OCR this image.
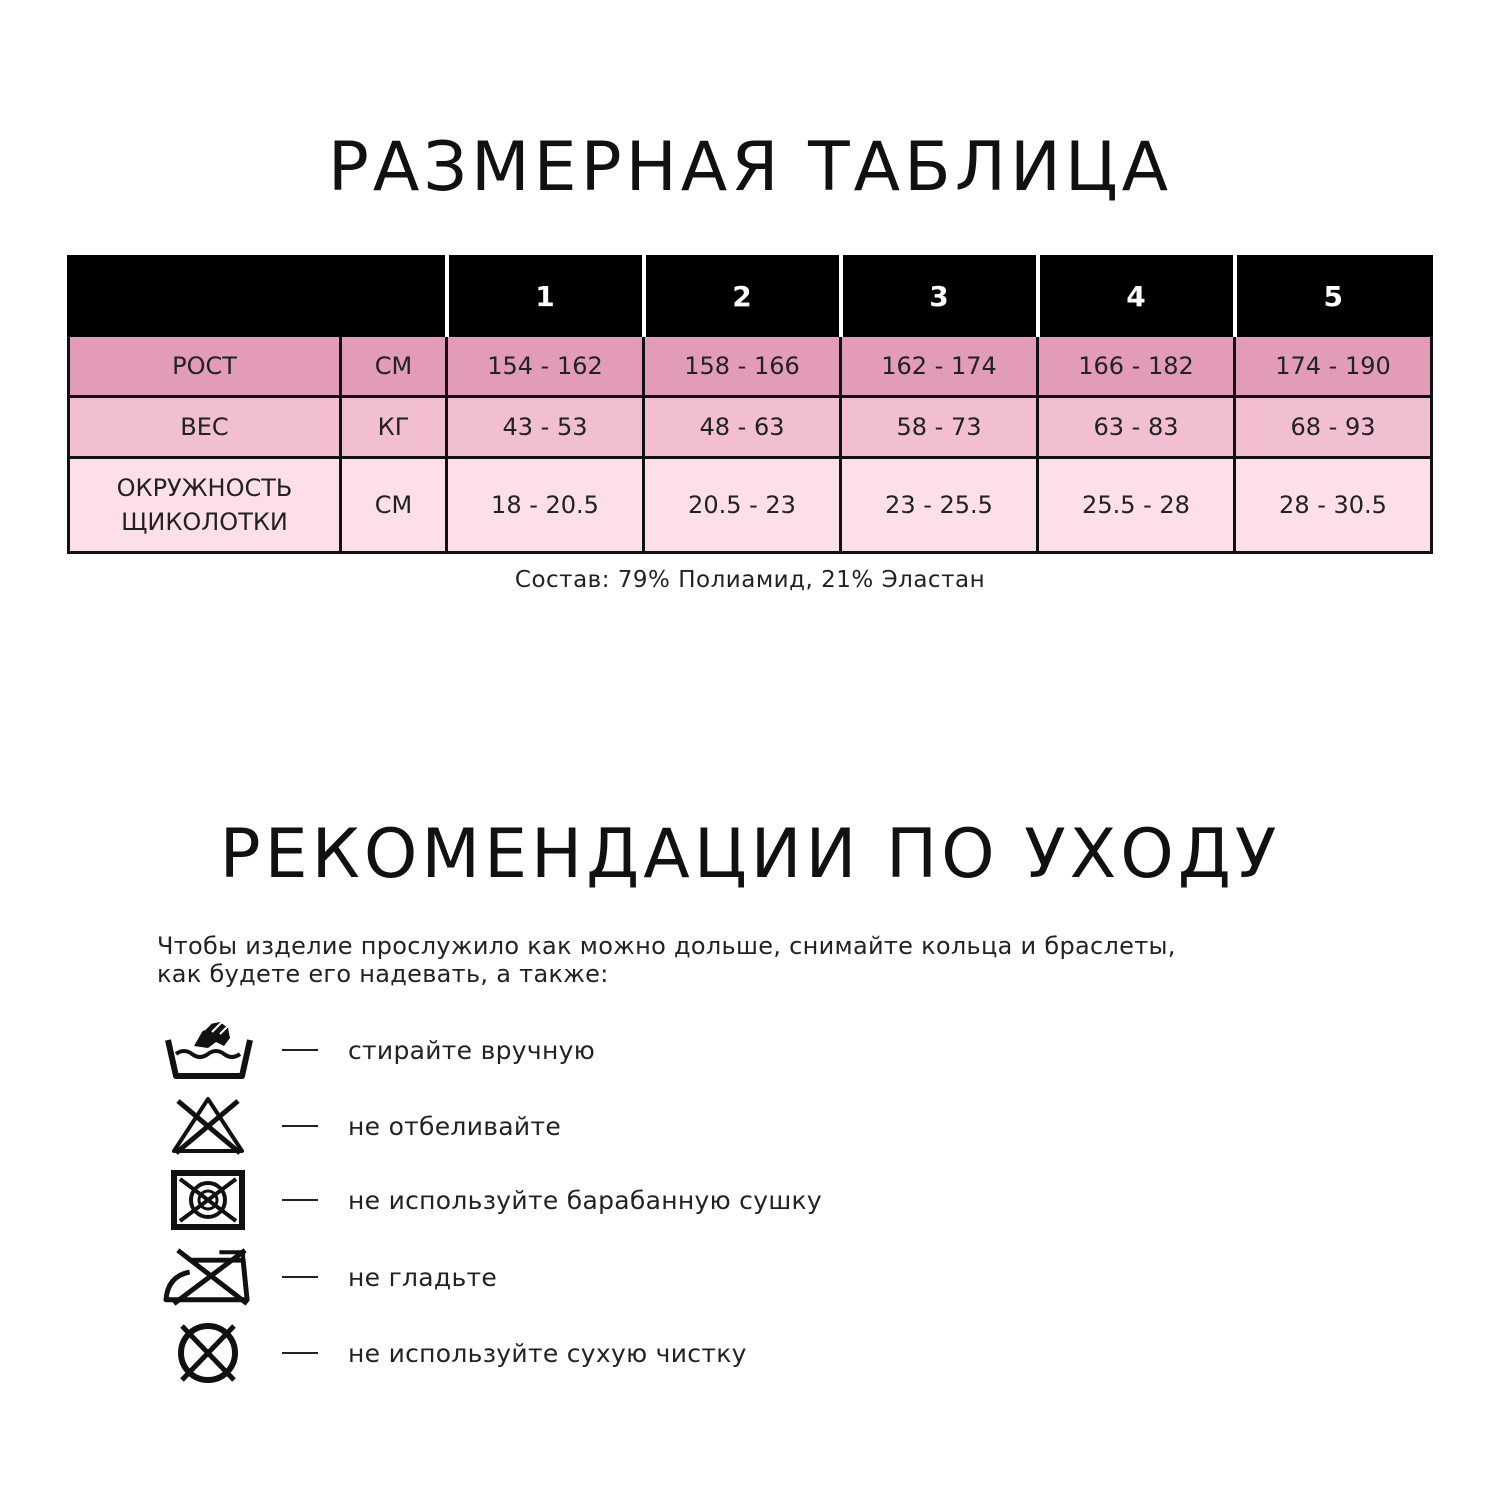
РАЗМЕРНАЯ ТАБЛИЦА
		1	2	3	4	5
РОСТ	СМ	154 - 162	158 - 166	162 - 174	166 - 182	174 - 190
ВЕС	КГ	43 - 53	48 - 63	58 - 73	63 - 83	68 - 93
ОКРУЖНОСТЬ
ЩИКОЛОТКИ	СМ	18 - 20.5	20.5 - 23	23 - 25.5	25.5 - 28	28 - 30.5
Состав: 79% Полиамид, 21% Эластан
РЕКОМЕНДАЦИИ ПО УХОДУ
Чтобы изделие прослужило как можно дольше, снимайте кольца и браслеты,
как будете его надевать, а также:
стирайте вручную
не отбеливайте
не используйте барабанную сушку
не гладьте
не используйте сухую чистку
